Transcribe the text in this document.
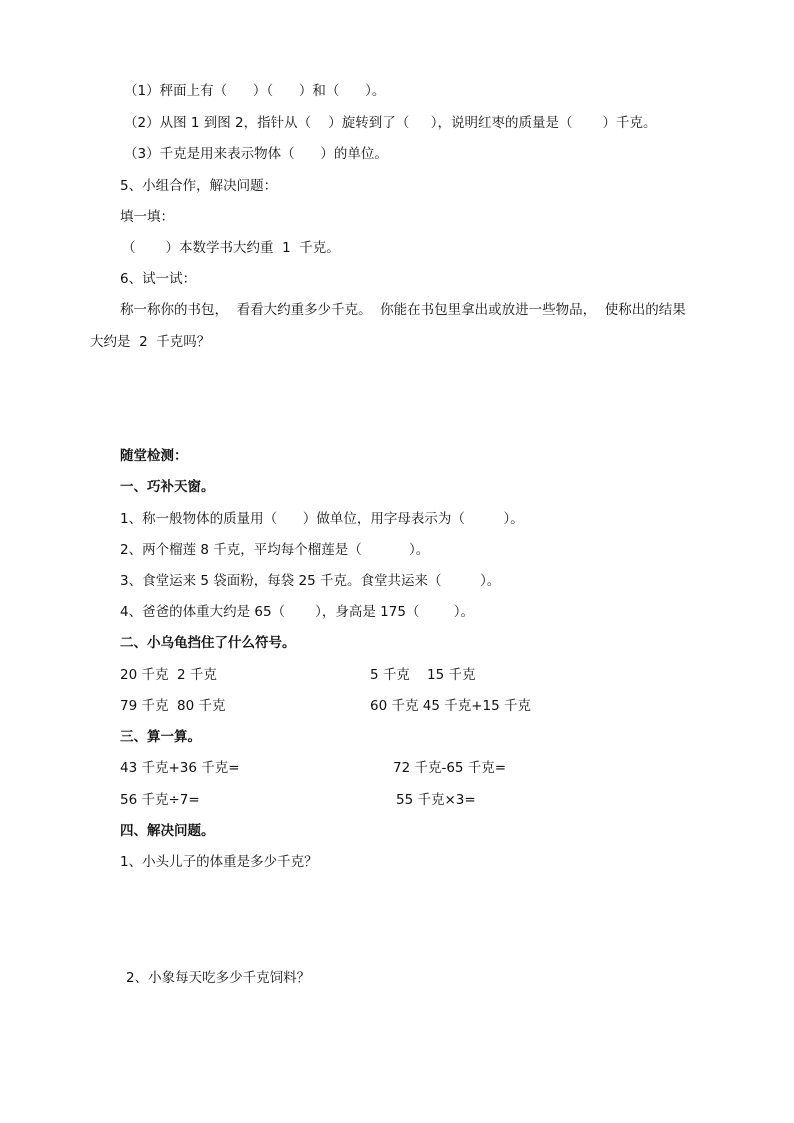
（1）秤面上有（      ）（      ）和（      ）。
（2）从图 1 到图 2，指针从（    ）旋转到了（     ），说明红枣的质量是（       ）千克。
（3）千克是用来表示物体（      ）的单位。
5、小组合作，解决问题：
填一填：
（       ）本数学书大约重  1  千克。
6、试一试：
称一称你的书包，  看看大约重多少千克。  你能在书包里拿出或放进一些物品，  使称出的结果
大约是  2  千克吗？
随堂检测：
一、巧补天窗。
1、称一般物体的质量用（      ）做单位，用字母表示为（         ）。
2、两个榴莲 8 千克，平均每个榴莲是（           ）。
3、食堂运来 5 袋面粉，每袋 25 千克。食堂共运来（         ）。
4、爸爸的体重大约是 65（       ），身高是 175（        ）。
二、小乌龟挡住了什么符号。
20 千克  2 千克	5 千克    15 千克
79 千克  80 千克	60 千克 45 千克+15 千克
三、算一算。
43 千克+36 千克=	72 千克-65 千克=
56 千克÷7=	55 千克×3=
四、解决问题。
1、小头儿子的体重是多少千克？
2、小象每天吃多少千克饲料？
